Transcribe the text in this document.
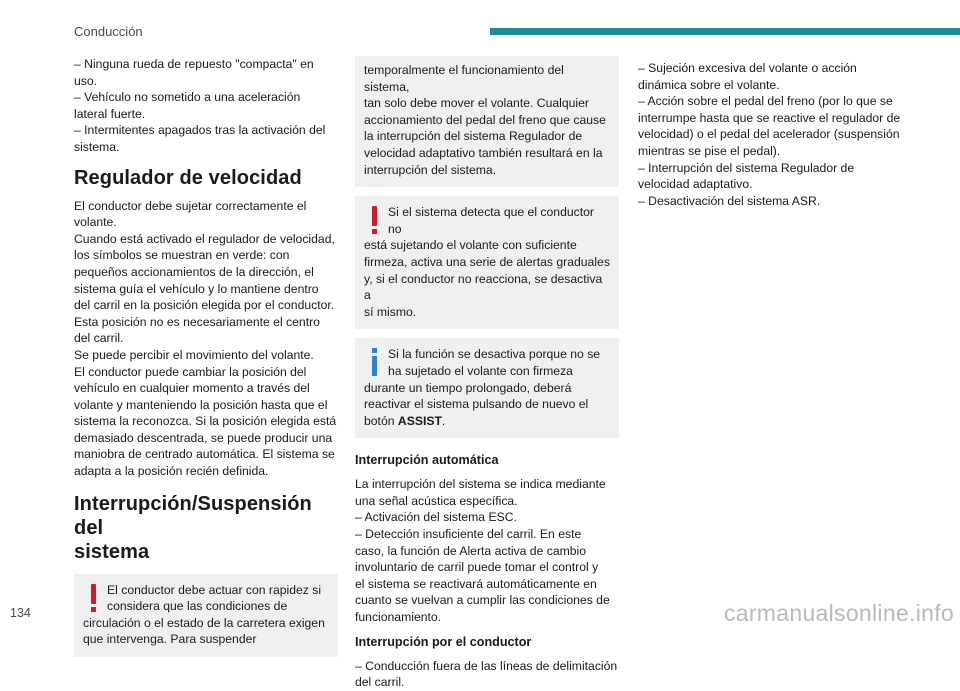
Conducción
– Ninguna rueda de repuesto "compacta" en
uso.
– Vehículo no sometido a una aceleración
lateral fuerte.
– Intermitentes apagados tras la activación del
sistema.
Regulador de velocidad
El conductor debe sujetar correctamente el
volante.
Cuando está activado el regulador de velocidad,
los símbolos se muestran en verde: con
pequeños accionamientos de la dirección, el
sistema guía el vehículo y lo mantiene dentro
del carril en la posición elegida por el conductor.
Esta posición no es necesariamente el centro
del carril.
Se puede percibir el movimiento del volante.
El conductor puede cambiar la posición del
vehículo en cualquier momento a través del
volante y manteniendo la posición hasta que el
sistema la reconozca. Si la posición elegida está
demasiado descentrada, se puede producir una
maniobra de centrado automática. El sistema se
adapta a la posición recién definida.
Interrupción/Suspensión del
sistema
El conductor debe actuar con rapidez si
considera que las condiciones de
circulación o el estado de la carretera exigen
que intervenga. Para suspender
temporalmente el funcionamiento del sistema,
tan solo debe mover el volante. Cualquier
accionamiento del pedal del freno que cause
la interrupción del sistema Regulador de
velocidad adaptativo también resultará en la
interrupción del sistema.
Si el sistema detecta que el conductor no
está sujetando el volante con suficiente
firmeza, activa una serie de alertas graduales
y, si el conductor no reacciona, se desactiva a
sí mismo.
Si la función se desactiva porque no se
ha sujetado el volante con firmeza
durante un tiempo prolongado, deberá
reactivar el sistema pulsando de nuevo el
botón ASSIST.
Interrupción automática
La interrupción del sistema se indica mediante
una señal acústica específica.
– Activación del sistema ESC.
– Detección insuficiente del carril. En este
caso, la función de Alerta activa de cambio
involuntario de carril puede tomar el control y
el sistema se reactivará automáticamente en
cuanto se vuelvan a cumplir las condiciones de
funcionamiento.
Interrupción por el conductor
– Conducción fuera de las líneas de delimitación
del carril.
– Sujeción excesiva del volante o acción
dinámica sobre el volante.
– Acción sobre el pedal del freno (por lo que se
interrumpe hasta que se reactive el regulador de
velocidad) o el pedal del acelerador (suspensión
mientras se pise el pedal).
– Interrupción del sistema Regulador de
velocidad adaptativo.
– Desactivación del sistema ASR.
134	carmanualsonline.info
